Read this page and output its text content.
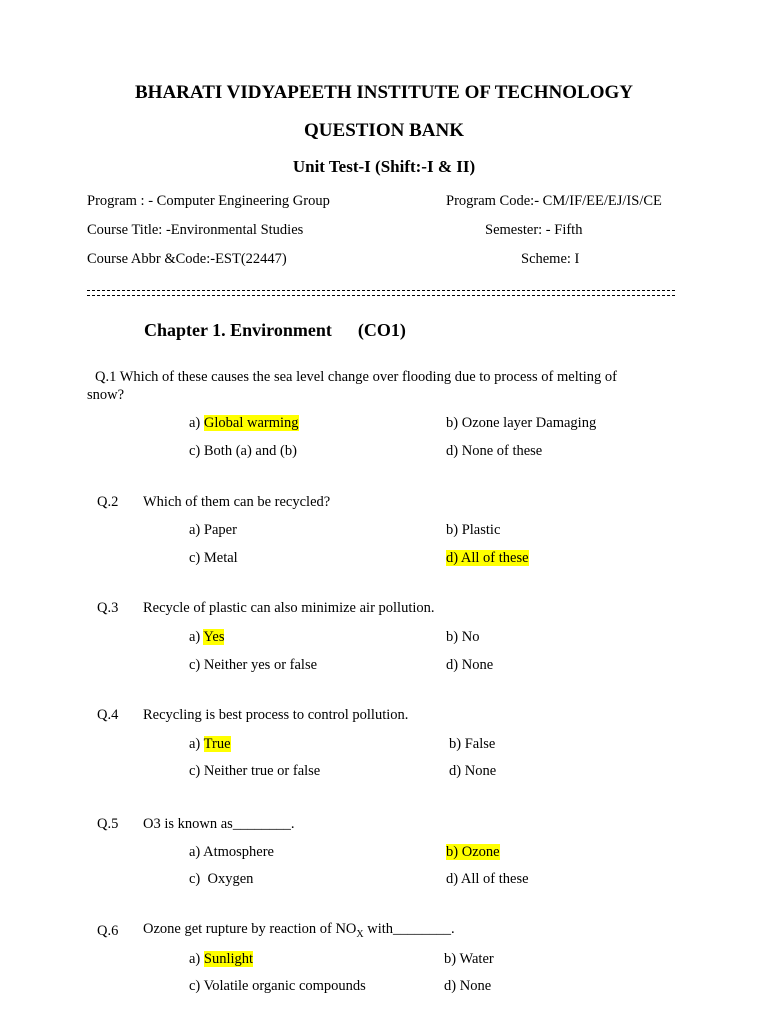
BHARATI VIDYAPEETH INSTITUTE OF TECHNOLOGY
QUESTION BANK
Unit Test-I (Shift:-I & II)
Program : - Computer Engineering Group	Program Code:- CM/IF/EE/EJ/IS/CE
Course Title: -Environmental Studies	Semester: - Fifth
Course Abbr &Code:-EST(22447)	Scheme: I
Chapter 1. Environment (CO1)
Q.1 Which of these causes the sea level change over flooding due to process of melting of
snow?
a) Global warming	b) Ozone layer Damaging
c) Both (a) and (b)	d) None of these
Q.2 Which of them can be recycled?
a) Paper	b) Plastic
c) Metal	d) All of these
Q.3 Recycle of plastic can also minimize air pollution.
a) Yes	b) No
c) Neither yes or false	d) None
Q.4 Recycling is best process to control pollution.
a) True	b) False
c) Neither true or false	d) None
Q.5 O3 is known as________.
a) Atmosphere	b) Ozone
c)  Oxygen	d) All of these
Q.6 Ozone get rupture by reaction of $NO_X$ with________.
a) Sunlight	b) Water
c) Volatile organic compounds	d) None
